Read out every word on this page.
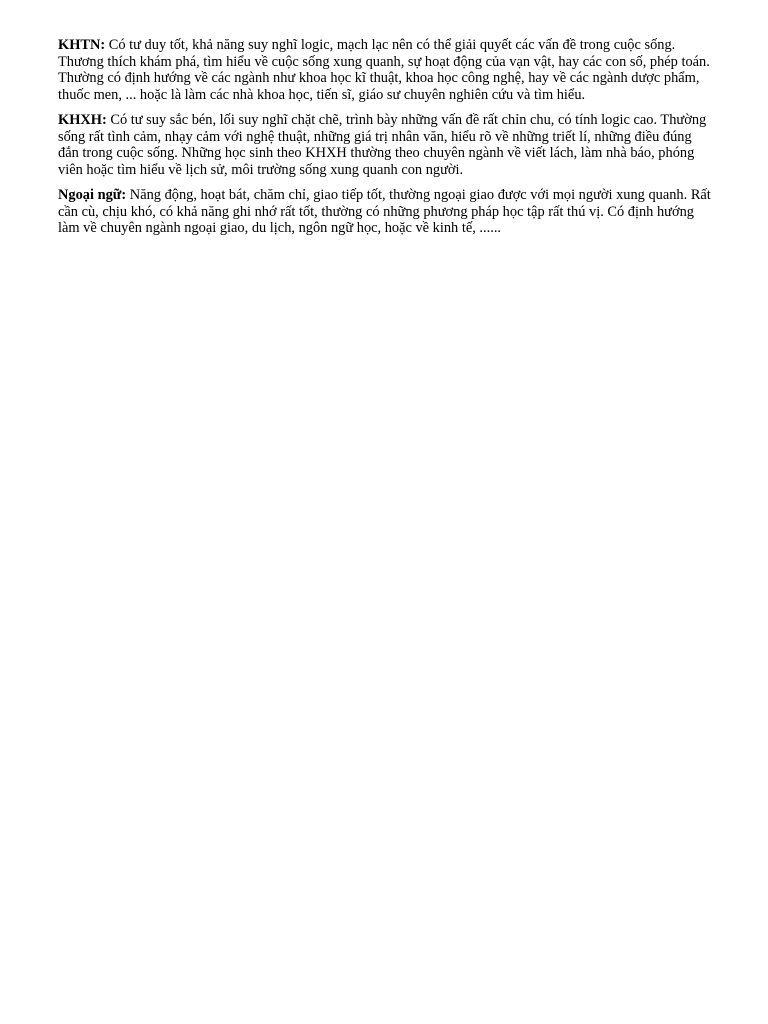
KHTN: Có tư duy tốt, khả năng suy nghĩ logic, mạch lạc nên có thể giải quyết các vấn đề trong cuộc sống. Thương thích khám phá, tìm hiểu về cuộc sống xung quanh, sự hoạt động của vạn vật, hay các con số, phép toán. Thường có định hướng về các ngành như khoa học kĩ thuật, khoa học công nghệ, hay về các ngành dược phẩm, thuốc men, ... hoặc là làm các nhà khoa học, tiến sĩ, giáo sư chuyên nghiên cứu và tìm hiểu.

KHXH: Có tư suy sắc bén, lối suy nghĩ chặt chẽ, trình bày những vấn đề rất chỉn chu, có tính logic cao. Thường sống rất tình cảm, nhạy cảm với nghệ thuật, những giá trị nhân văn, hiểu rõ về những triết lí, những điều đúng đắn trong cuộc sống. Những học sinh theo KHXH thường theo chuyên ngành về viết lách, làm nhà báo, phóng viên hoặc tìm hiểu về lịch sử, môi trường sống xung quanh con người.

Ngoại ngữ: Năng động, hoạt bát, chăm chỉ, giao tiếp tốt, thường ngoại giao được với mọi người xung quanh. Rất cần cù, chịu khó, có khả năng ghi nhớ rất tốt, thường có những phương pháp học tập rất thú vị. Có định hướng làm về chuyên ngành ngoại giao, du lịch, ngôn ngữ học, hoặc về kinh tế, ......
